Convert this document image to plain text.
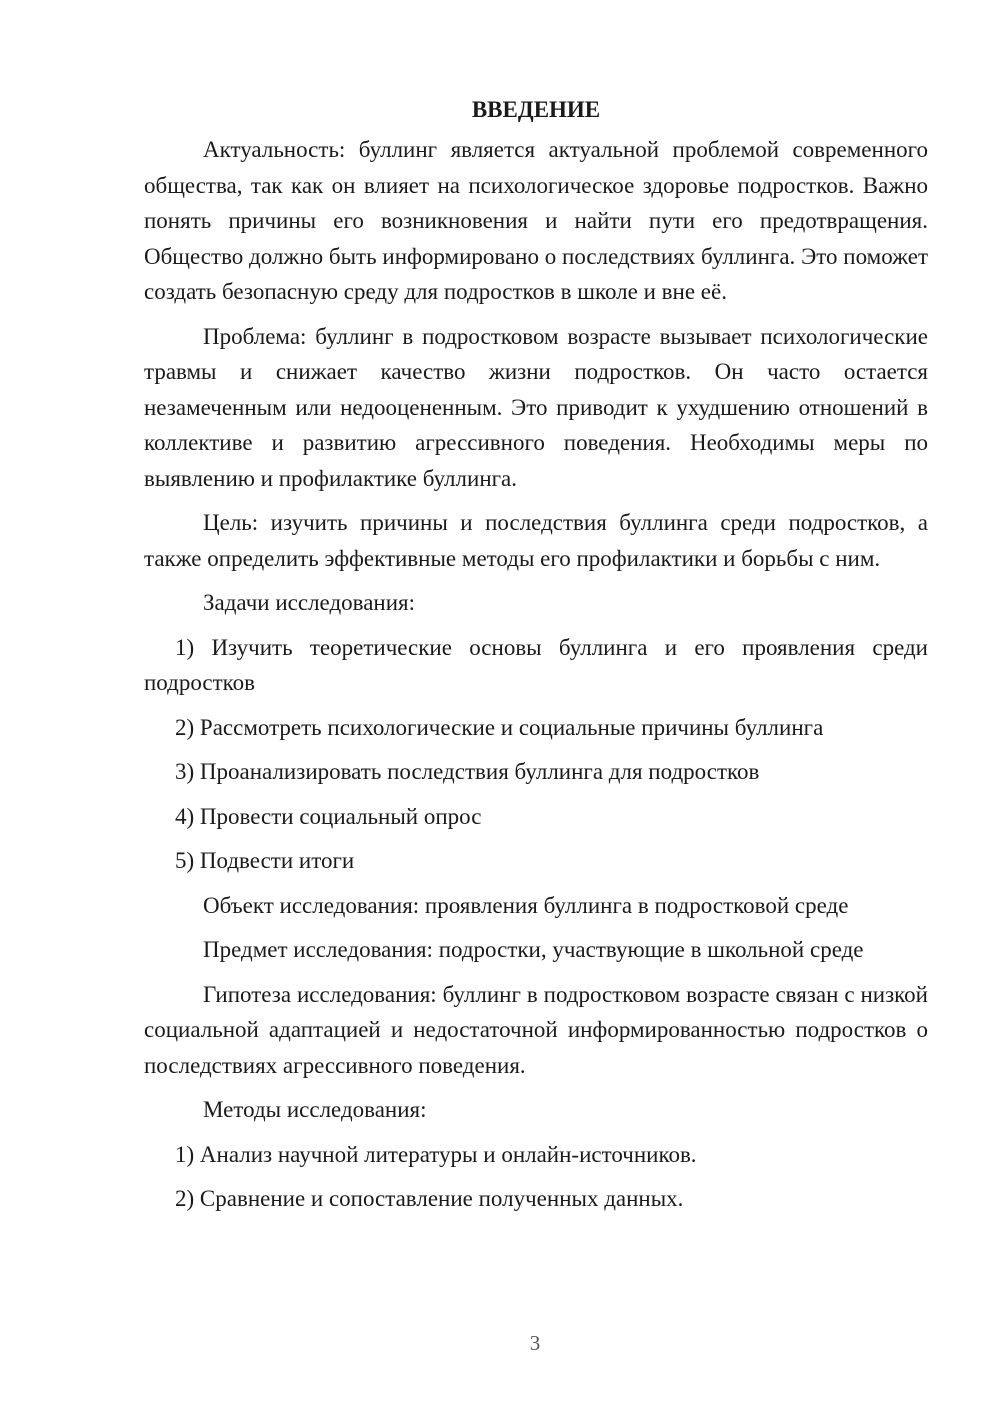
ВВЕДЕНИЕ

Актуальность: буллинг является актуальной проблемой современного общества, так как он влияет на психологическое здоровье подростков. Важно понять причины его возникновения и найти пути его предотвращения. Общество должно быть информировано о последствиях буллинга. Это поможет создать безопасную среду для подростков в школе и вне её.

Проблема: буллинг в подростковом возрасте вызывает психологические травмы и снижает качество жизни подростков. Он часто остается незамеченным или недооцененным. Это приводит к ухудшению отношений в коллективе и развитию агрессивного поведения. Необходимы меры по выявлению и профилактике буллинга.

Цель: изучить причины и последствия буллинга среди подростков, а также определить эффективные методы его профилактики и борьбы с ним.

Задачи исследования:

1) Изучить теоретические основы буллинга и его проявления среди подростков

2) Рассмотреть психологические и социальные причины буллинга

3) Проанализировать последствия буллинга для подростков

4) Провести социальный опрос

5) Подвести итоги

Объект исследования: проявления буллинга в подростковой среде

Предмет исследования: подростки, участвующие в школьной среде

Гипотеза исследования: буллинг в подростковом возрасте связан с низкой социальной адаптацией и недостаточной информированностью подростков о последствиях агрессивного поведения.

Методы исследования:

1) Анализ научной литературы и онлайн-источников.

2) Сравнение и сопоставление полученных данных.

3
